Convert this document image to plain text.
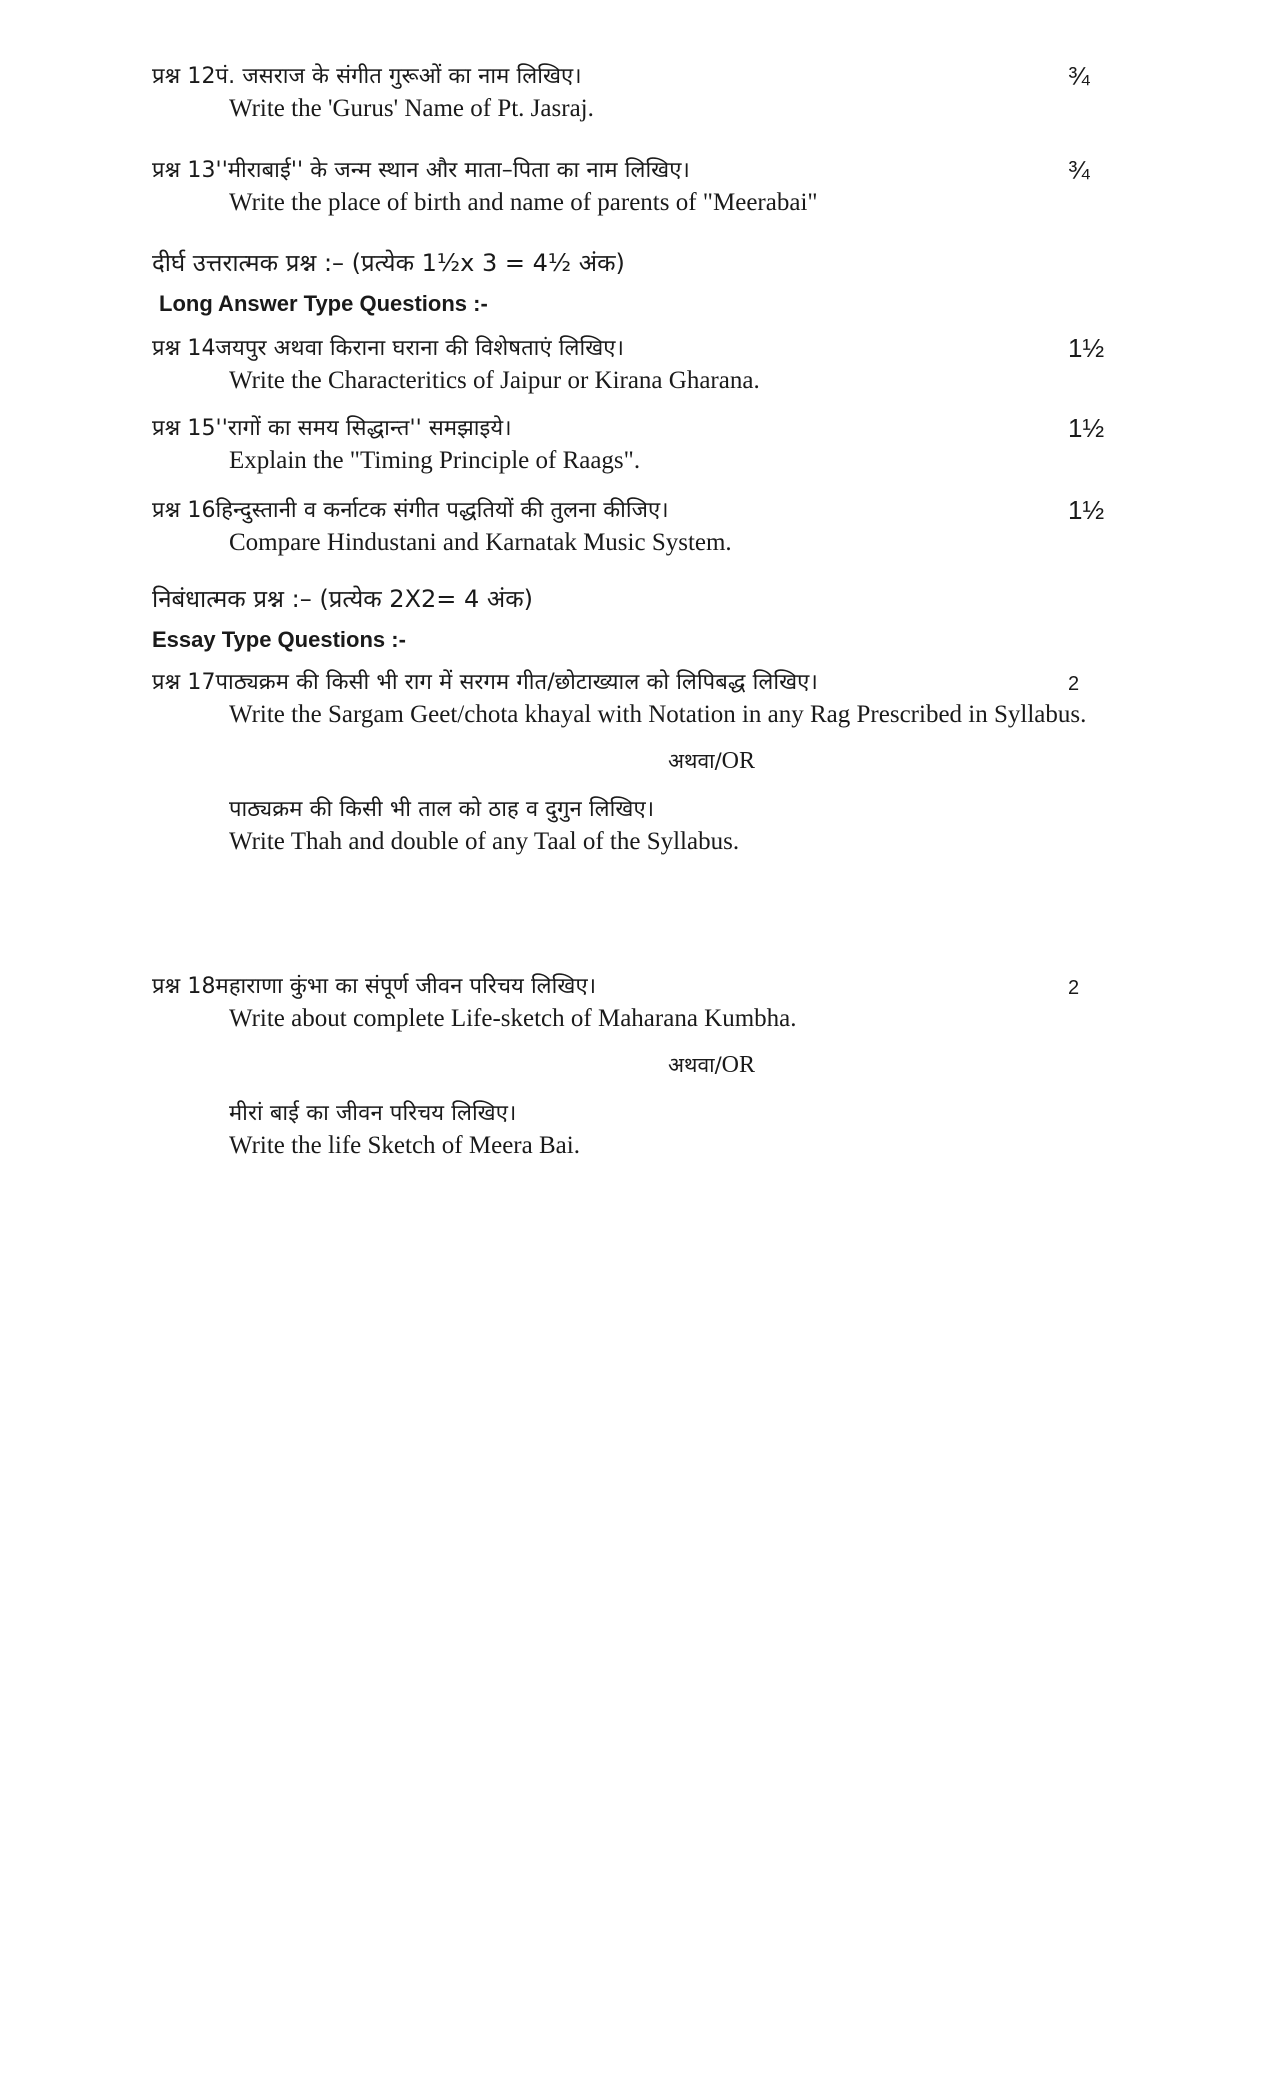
प्रश्न 12पं. जसराज के संगीत गुरूओं का नाम लिखिए।	¾
Write the 'Gurus' Name of Pt. Jasraj.
प्रश्न 13''मीराबाई'' के जन्म स्थान और माता–पिता का नाम लिखिए।	¾
Write the place of birth and name of parents of "Meerabai"
दीर्घ उत्तरात्मक प्रश्न :– (प्रत्येक 1½x 3 = 4½ अंक)
Long Answer Type Questions :-
प्रश्न 14जयपुर अथवा किराना घराना की विशेषताएं लिखिए।	1½
Write the Characteritics of Jaipur or Kirana Gharana.
प्रश्न 15''रागों का समय सिद्धान्त'' समझाइये।	1½
Explain the "Timing Principle of Raags".
प्रश्न 16हिन्दुस्तानी व कर्नाटक संगीत पद्धतियों की तुलना कीजिए।	1½
Compare Hindustani and Karnatak Music System.
निबंधात्मक प्रश्न :– (प्रत्येक 2X2= 4 अंक)
Essay Type Questions :-
प्रश्न 17पाठ्यक्रम की किसी भी राग में सरगम गीत/छोटाख्याल को लिपिबद्ध लिखिए।	2
Write the Sargam Geet/chota khayal with Notation in any Rag Prescribed in Syllabus.
अथवा/OR
पाठ्यक्रम की किसी भी ताल को ठाह व दुगुन लिखिए।
Write Thah and double of any Taal of the Syllabus.
प्रश्न 18महाराणा कुंभा का संपूर्ण जीवन परिचय लिखिए।	2
Write about complete Life-sketch of Maharana Kumbha.
अथवा/OR
मीरां बाई का जीवन परिचय लिखिए।
Write the life Sketch of Meera Bai.
